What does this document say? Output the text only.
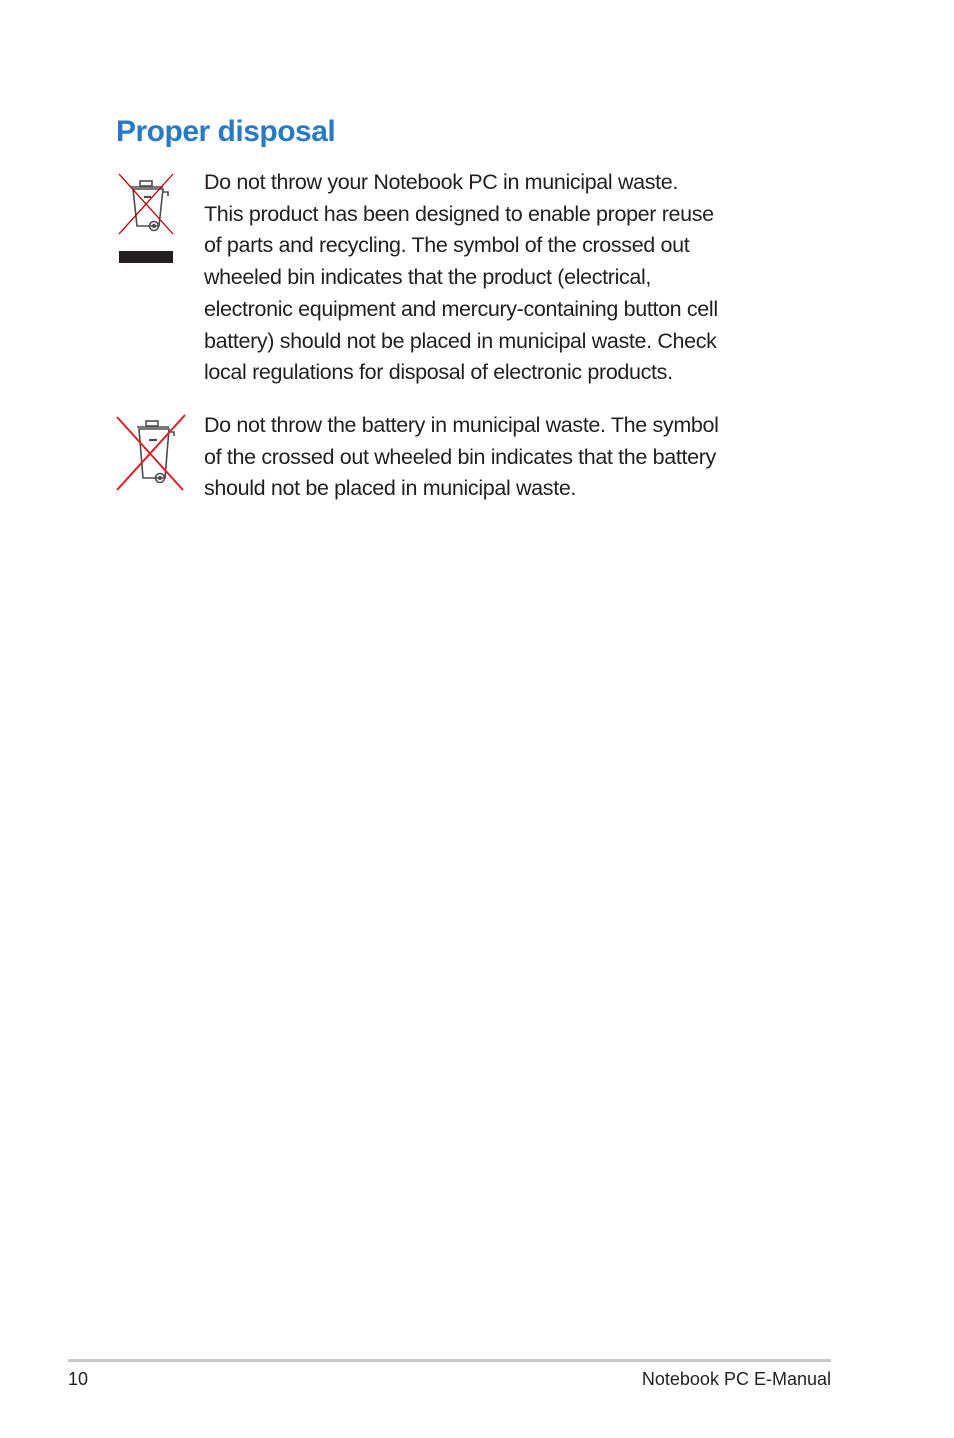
Proper disposal

Do not throw your Notebook PC in municipal waste.
This product has been designed to enable proper reuse
of parts and recycling. The symbol of the crossed out
wheeled bin indicates that the product (electrical,
electronic equipment and mercury-containing button cell
battery) should not be placed in municipal waste. Check
local regulations for disposal of electronic products.

Do not throw the battery in municipal waste. The symbol
of the crossed out wheeled bin indicates that the battery
should not be placed in municipal waste.

10	Notebook PC E-Manual
